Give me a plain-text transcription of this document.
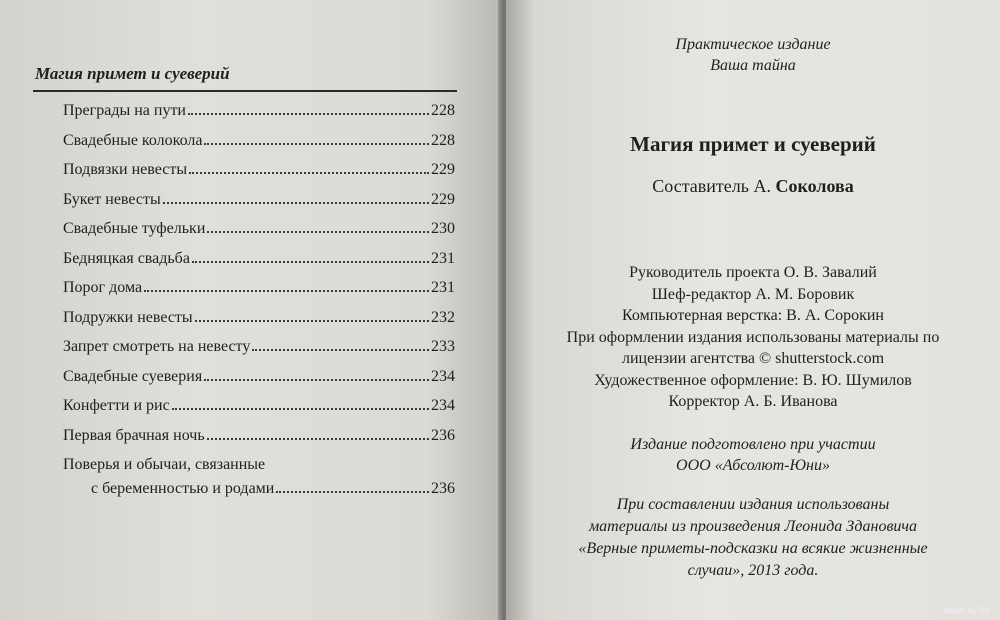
Магия примет и суеверий
Преграды на пути	228
Свадебные колокола	228
Подвязки невесты	229
Букет невесты	229
Свадебные туфельки	230
Бедняцкая свадьба	231
Порог дома	231
Подружки невесты	232
Запрет смотреть на невесту	233
Свадебные суеверия	234
Конфетти и рис	234
Первая брачная ночь	236
Поверья и обычаи, связанные
с беременностью и родами	236
Практическое издание
Ваша тайна
Магия примет и суеверий
Составитель А. Соколова
Руководитель проекта О. В. Завалий
Шеф-редактор А. М. Боровик
Компьютерная верстка: В. А. Сорокин
При оформлении издания использованы материалы по
лицензии агентства © shutterstock.com
Художественное оформление: В. Ю. Шумилов
Корректор А. Б. Иванова
Издание подготовлено при участии
ООО «Абсолют-Юни»
При составлении издания использованы
материалы из произведения Леонида Здановича
«Верные приметы-подсказки на всякие жизненные
случаи», 2013 года.
www.ay.by
